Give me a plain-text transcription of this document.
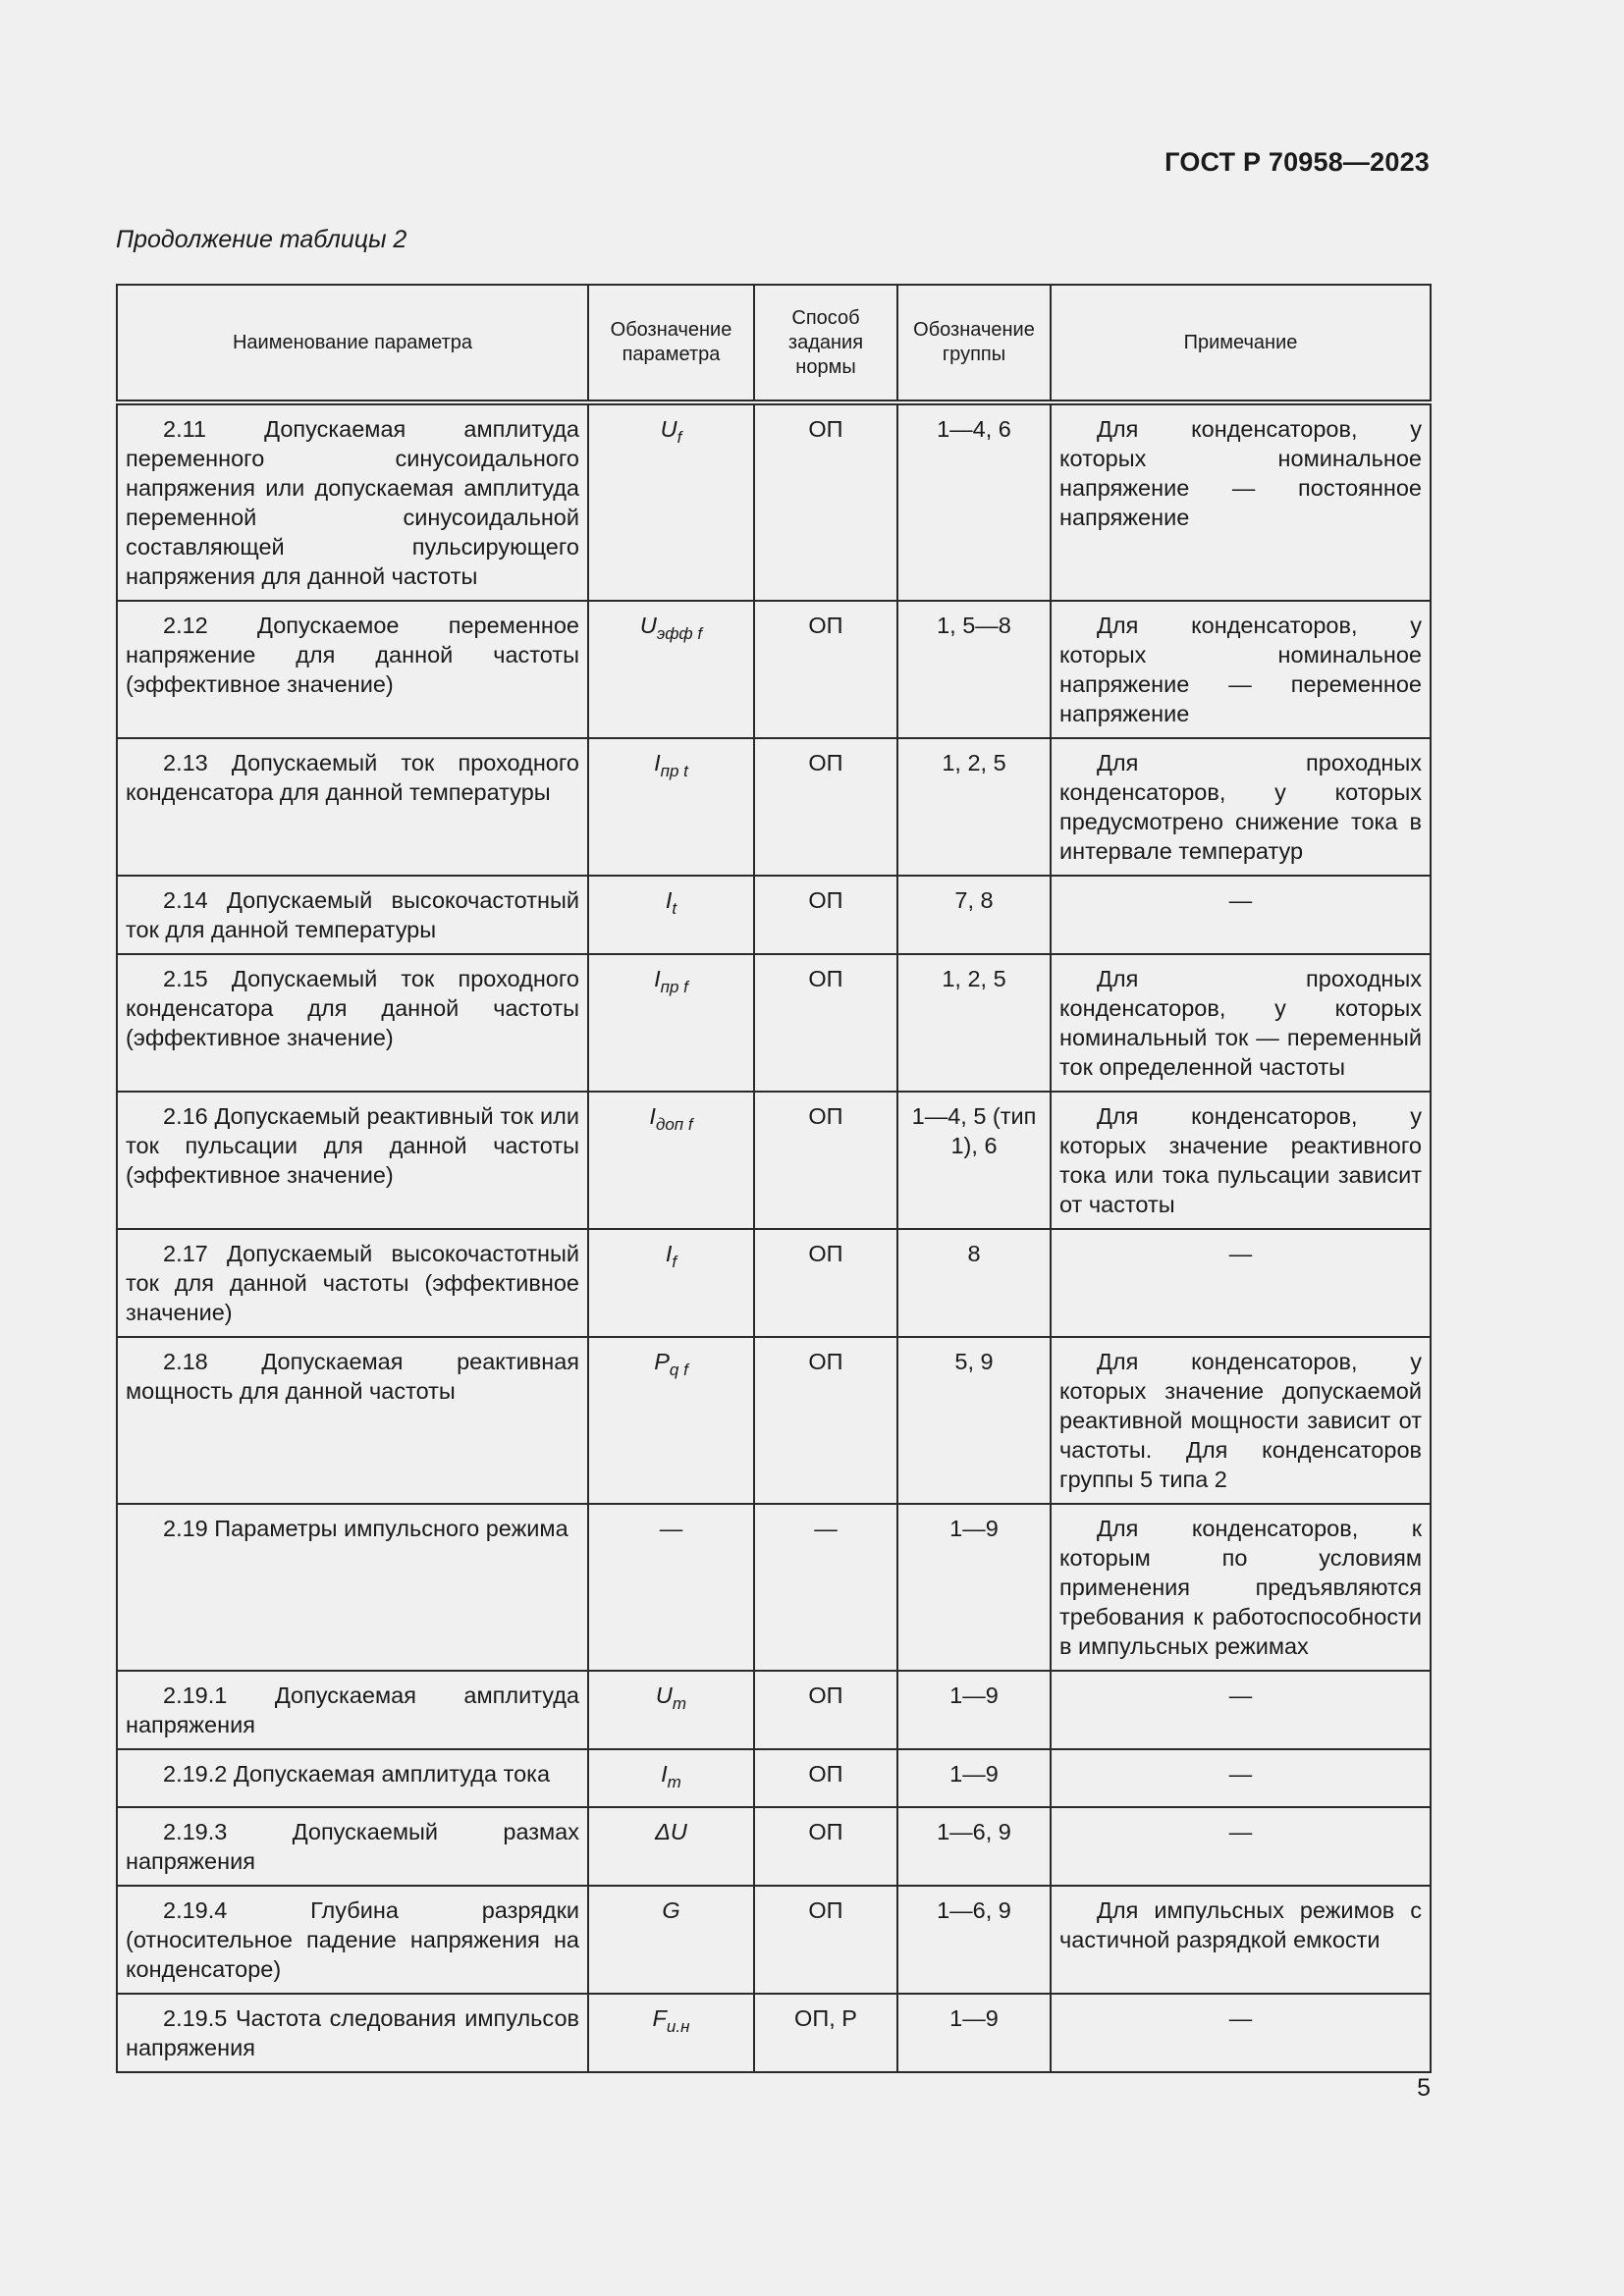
ГОСТ Р 70958—2023
Продолжение таблицы 2
Наименование параметра	Обозначение параметра	Способ задания нормы	Обозначение группы	Примечание
2.11 Допускаемая амплитуда переменного синусоидального напряжения или допускаемая амплитуда переменной синусоидальной составляющей пульсирующего напряжения для данной частоты	$U_f$	ОП	1—4, 6	Для конденсаторов, у которых номинальное напряжение — постоянное напряжение
2.12 Допускаемое переменное напряжение для данной частоты (эффективное значение)	$U_{эфф f}$	ОП	1, 5—8	Для конденсаторов, у которых номинальное напряжение — переменное напряжение
2.13 Допускаемый ток проходного конденсатора для данной температуры	$I_{пр t}$	ОП	1, 2, 5	Для проходных конденсаторов, у которых предусмотрено снижение тока в интервале температур
2.14 Допускаемый высокочастотный ток для данной температуры	$I_t$	ОП	7, 8	—
2.15 Допускаемый ток проходного конденсатора для данной частоты (эффективное значение)	$I_{пр f}$	ОП	1, 2, 5	Для проходных конденсаторов, у которых номинальный ток — переменный ток определенной частоты
2.16 Допускаемый реактивный ток или ток пульсации для данной частоты (эффективное значение)	$I_{доп f}$	ОП	1—4, 5 (тип 1), 6	Для конденсаторов, у которых значение реактивного тока или тока пульсации зависит от частоты
2.17 Допускаемый высокочастотный ток для данной частоты (эффективное значение)	$I_f$	ОП	8	—
2.18 Допускаемая реактивная мощность для данной частоты	$P_{q f}$	ОП	5, 9	Для конденсаторов, у которых значение допускаемой реактивной мощности зависит от частоты. Для конденсаторов группы 5 типа 2
2.19 Параметры импульсного режима	—	—	1—9	Для конденсаторов, к которым по условиям применения предъявляются требования к работоспособности в импульсных режимах
2.19.1 Допускаемая амплитуда напряжения	$U_m$	ОП	1—9	—
2.19.2 Допускаемая амплитуда тока	$I_m$	ОП	1—9	—
2.19.3 Допускаемый размах напряжения	ΔU	ОП	1—6, 9	—
2.19.4 Глубина разрядки (относительное падение напряжения на конденсаторе)	G	ОП	1—6, 9	Для импульсных режимов с частичной разрядкой емкости
2.19.5 Частота следования импульсов напряжения	$F_{и.н}$	ОП, Р	1—9	—
5
